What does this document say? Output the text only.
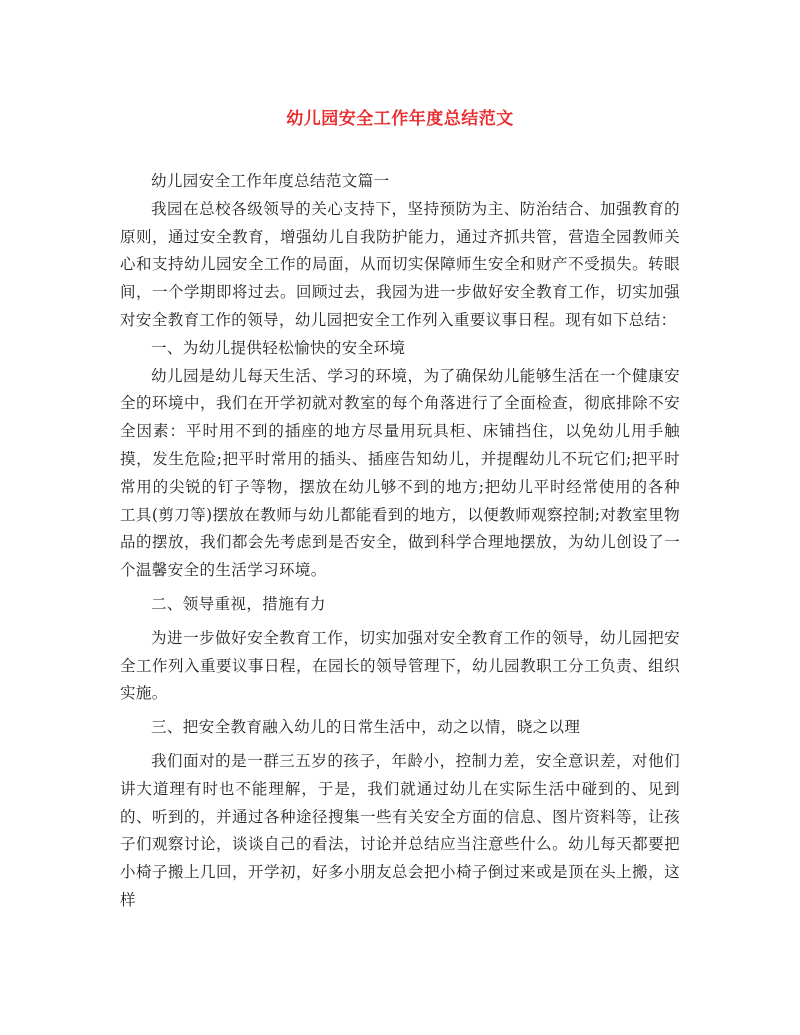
幼儿园安全工作年度总结范文

幼儿园安全工作年度总结范文篇一

我园在总校各级领导的关心支持下，坚持预防为主、防治结合、加强教育的原则，通过安全教育，增强幼儿自我防护能力，通过齐抓共管，营造全园教师关心和支持幼儿园安全工作的局面，从而切实保障师生安全和财产不受损失。转眼间，一个学期即将过去。回顾过去，我园为进一步做好安全教育工作，切实加强对安全教育工作的领导，幼儿园把安全工作列入重要议事日程。现有如下总结：

一、为幼儿提供轻松愉快的安全环境

幼儿园是幼儿每天生活、学习的环境，为了确保幼儿能够生活在一个健康安全的环境中，我们在开学初就对教室的每个角落进行了全面检查，彻底排除不安全因素：平时用不到的插座的地方尽量用玩具柜、床铺挡住，以免幼儿用手触摸，发生危险;把平时常用的插头、插座告知幼儿，并提醒幼儿不玩它们;把平时常用的尖锐的钉子等物，摆放在幼儿够不到的地方;把幼儿平时经常使用的各种工具(剪刀等)摆放在教师与幼儿都能看到的地方，以便教师观察控制;对教室里物品的摆放，我们都会先考虑到是否安全，做到科学合理地摆放，为幼儿创设了一个温馨安全的生活学习环境。

二、领导重视，措施有力

为进一步做好安全教育工作，切实加强对安全教育工作的领导，幼儿园把安全工作列入重要议事日程，在园长的领导管理下，幼儿园教职工分工负责、组织实施。

三、把安全教育融入幼儿的日常生活中，动之以情，晓之以理

我们面对的是一群三五岁的孩子，年龄小，控制力差，安全意识差，对他们讲大道理有时也不能理解，于是，我们就通过幼儿在实际生活中碰到的、见到的、听到的，并通过各种途径搜集一些有关安全方面的信息、图片资料等，让孩子们观察讨论，谈谈自己的看法，讨论并总结应当注意些什么。幼儿每天都要把小椅子搬上几回，开学初，好多小朋友总会把小椅子倒过来或是顶在头上搬，这样
